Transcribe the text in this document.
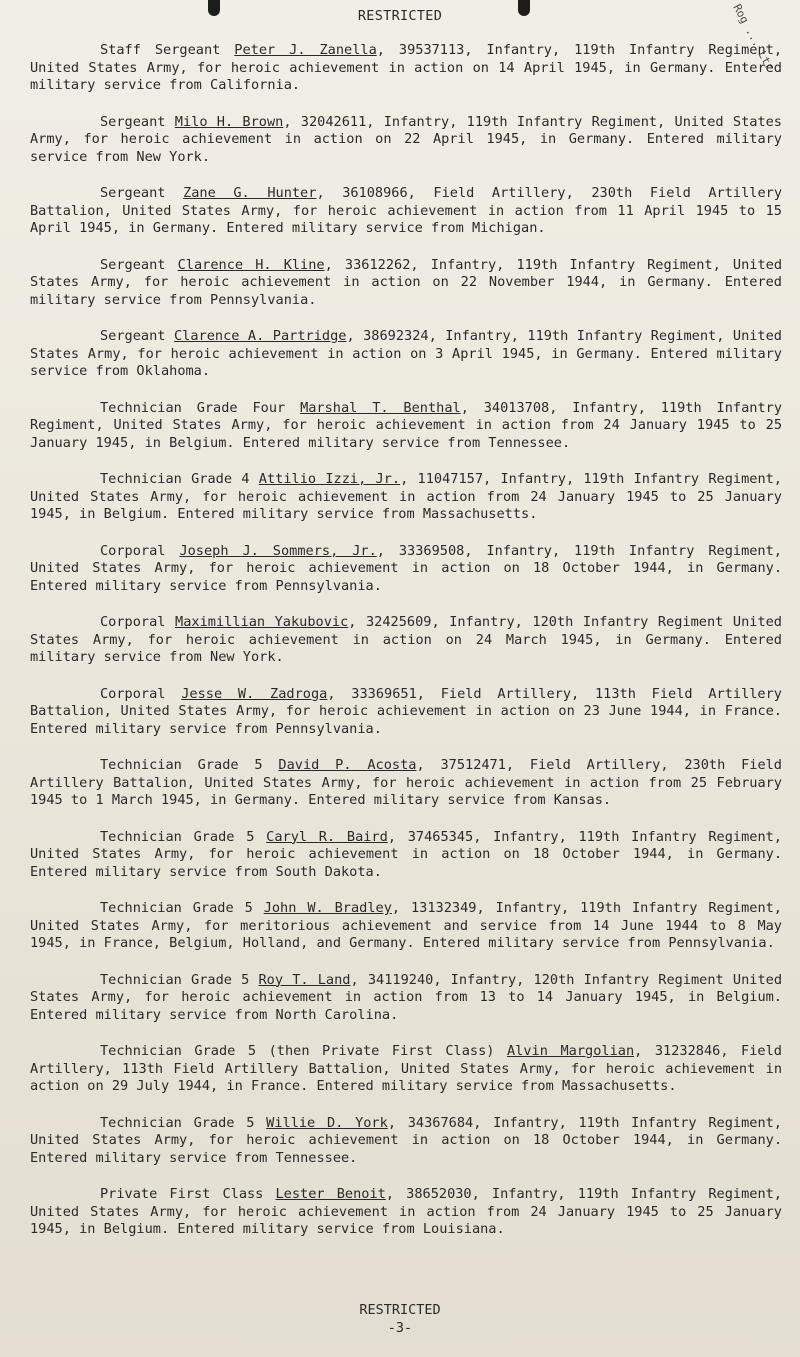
RESTRICTED	Rog ... Ltr

Staff Sergeant Peter J. Zanella, 39537113, Infantry, 119th Infantry Regiment, United States Army, for heroic achievement in action on 14 April 1945, in Germany. Entered military service from California.

Sergeant Milo H. Brown, 32042611, Infantry, 119th Infantry Regiment, United States Army, for heroic achievement in action on 22 April 1945, in Germany. Entered military service from New York.

Sergeant Zane G. Hunter, 36108966, Field Artillery, 230th Field Artillery Battalion, United States Army, for heroic achievement in action from 11 April 1945 to 15 April 1945, in Germany. Entered military service from Michigan.

Sergeant Clarence H. Kline, 33612262, Infantry, 119th Infantry Regiment, United States Army, for heroic achievement in action on 22 November 1944, in Germany. Entered military service from Pennsylvania.

Sergeant Clarence A. Partridge, 38692324, Infantry, 119th Infantry Regiment, United States Army, for heroic achievement in action on 3 April 1945, in Germany. Entered military service from Oklahoma.

Technician Grade Four Marshal T. Benthal, 34013708, Infantry, 119th Infantry Regiment, United States Army, for heroic achievement in action from 24 January 1945 to 25 January 1945, in Belgium. Entered military service from Tennessee.

Technician Grade 4 Attilio Izzi, Jr., 11047157, Infantry, 119th Infantry Regiment, United States Army, for heroic achievement in action from 24 January 1945 to 25 January 1945, in Belgium. Entered military service from Massachusetts.

Corporal Joseph J. Sommers, Jr., 33369508, Infantry, 119th Infantry Regiment, United States Army, for heroic achievement in action on 18 October 1944, in Germany. Entered military service from Pennsylvania.

Corporal Maximillian Yakubovic, 32425609, Infantry, 120th Infantry Regiment United States Army, for heroic achievement in action on 24 March 1945, in Germany. Entered military service from New York.

Corporal Jesse W. Zadroga, 33369651, Field Artillery, 113th Field Artillery Battalion, United States Army, for heroic achievement in action on 23 June 1944, in France. Entered military service from Pennsylvania.

Technician Grade 5 David P. Acosta, 37512471, Field Artillery, 230th Field Artillery Battalion, United States Army, for heroic achievement in action from 25 February 1945 to 1 March 1945, in Germany. Entered military service from Kansas.

Technician Grade 5 Caryl R. Baird, 37465345, Infantry, 119th Infantry Regiment, United States Army, for heroic achievement in action on 18 October 1944, in Germany. Entered military service from South Dakota.

Technician Grade 5 John W. Bradley, 13132349, Infantry, 119th Infantry Regiment, United States Army, for meritorious achievement and service from 14 June 1944 to 8 May 1945, in France, Belgium, Holland, and Germany. Entered military service from Pennsylvania.

Technician Grade 5 Roy T. Land, 34119240, Infantry, 120th Infantry Regiment United States Army, for heroic achievement in action from 13 to 14 January 1945, in Belgium. Entered military service from North Carolina.

Technician Grade 5 (then Private First Class) Alvin Margolian, 31232846, Field Artillery, 113th Field Artillery Battalion, United States Army, for heroic achievement in action on 29 July 1944, in France. Entered military service from Massachusetts.

Technician Grade 5 Willie D. York, 34367684, Infantry, 119th Infantry Regiment, United States Army, for heroic achievement in action on 18 October 1944, in Germany. Entered military service from Tennessee.

Private First Class Lester Benoit, 38652030, Infantry, 119th Infantry Regiment, United States Army, for heroic achievement in action from 24 January 1945 to 25 January 1945, in Belgium. Entered military service from Louisiana.

RESTRICTED
-3-
